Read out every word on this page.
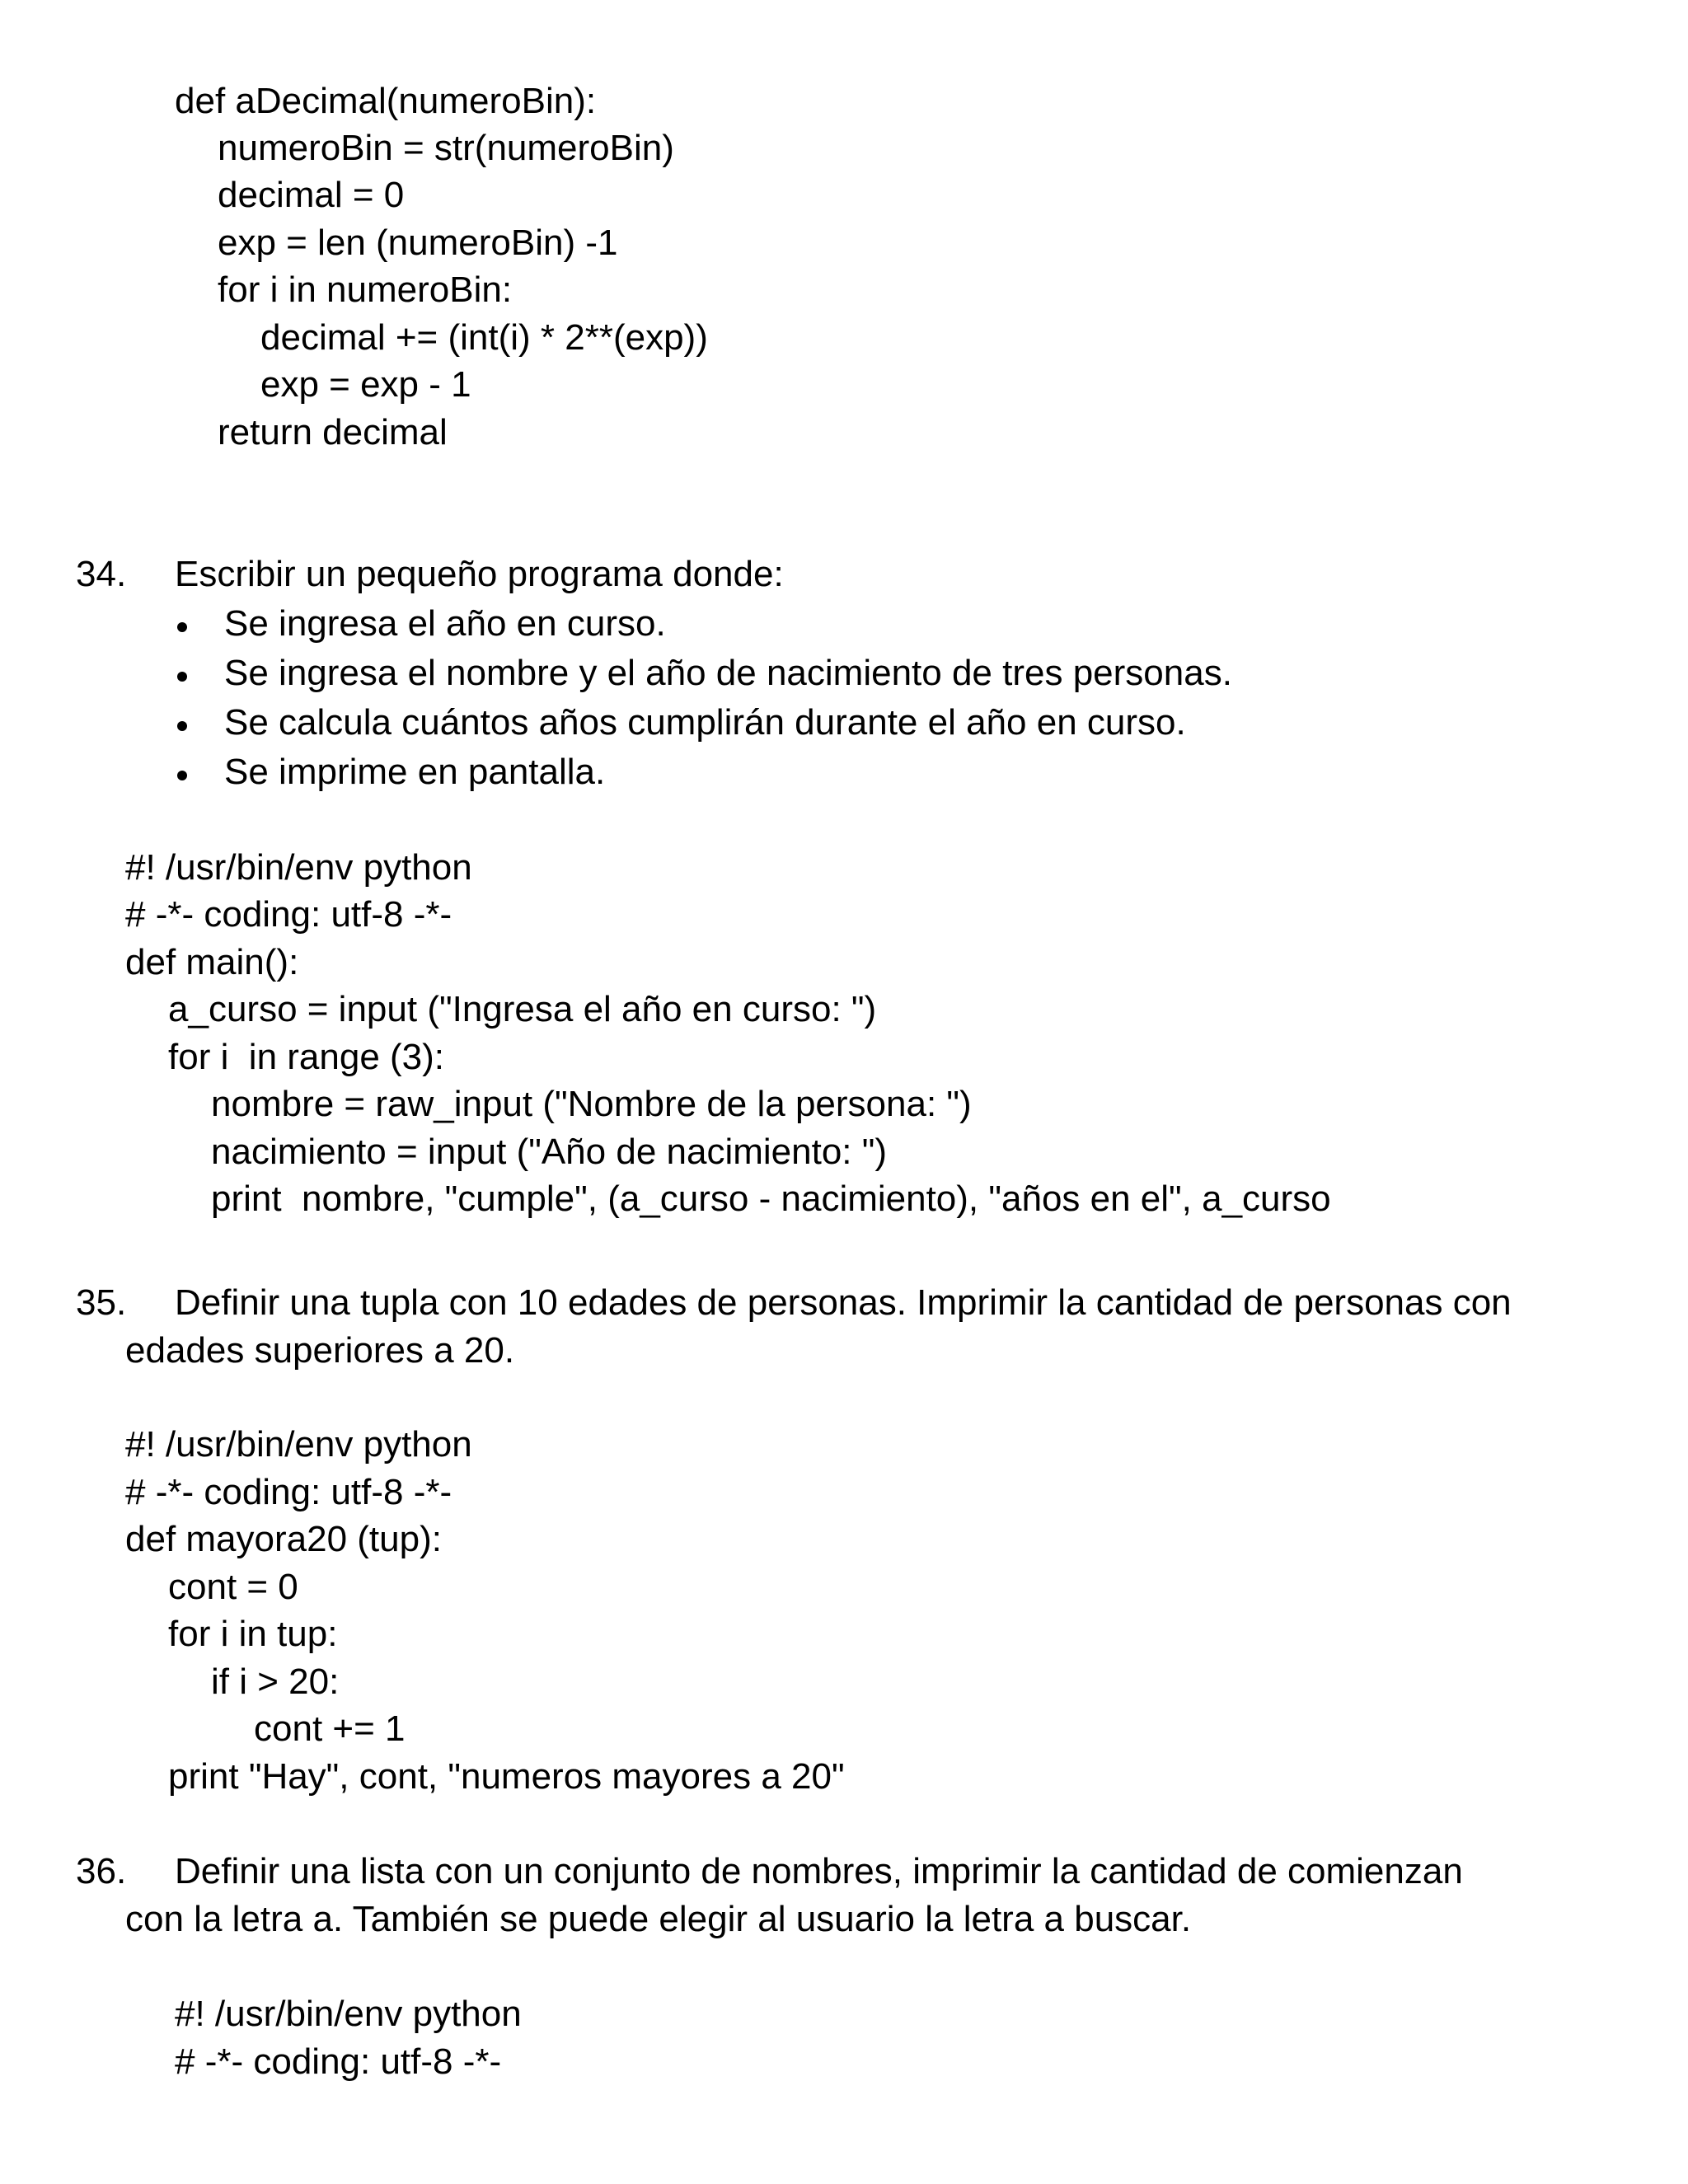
def aDecimal(numeroBin):
numeroBin = str(numeroBin)
decimal = 0
exp = len (numeroBin) -1
for i in numeroBin:
decimal += (int(i) * 2**(exp))
exp = exp - 1
return decimal
34. Escribir un pequeño programa donde:
Se ingresa el año en curso.
Se ingresa el nombre y el año de nacimiento de tres personas.
Se calcula cuántos años cumplirán durante el año en curso.
Se imprime en pantalla.
#! /usr/bin/env python
# -*- coding: utf-8 -*-
def main():
a_curso = input ("Ingresa el año en curso: ")
for i  in range (3):
nombre = raw_input ("Nombre de la persona: ")
nacimiento = input ("Año de nacimiento: ")
print  nombre, "cumple", (a_curso - nacimiento), "años en el", a_curso
35. Definir una tupla con 10 edades de personas. Imprimir la cantidad de personas con
edades superiores a 20.
#! /usr/bin/env python
# -*- coding: utf-8 -*-
def mayora20 (tup):
cont = 0
for i in tup:
if i > 20:
cont += 1
print "Hay", cont, "numeros mayores a 20"
36. Definir una lista con un conjunto de nombres, imprimir la cantidad de comienzan
con la letra a. También se puede elegir al usuario la letra a buscar.
#! /usr/bin/env python
# -*- coding: utf-8 -*-
